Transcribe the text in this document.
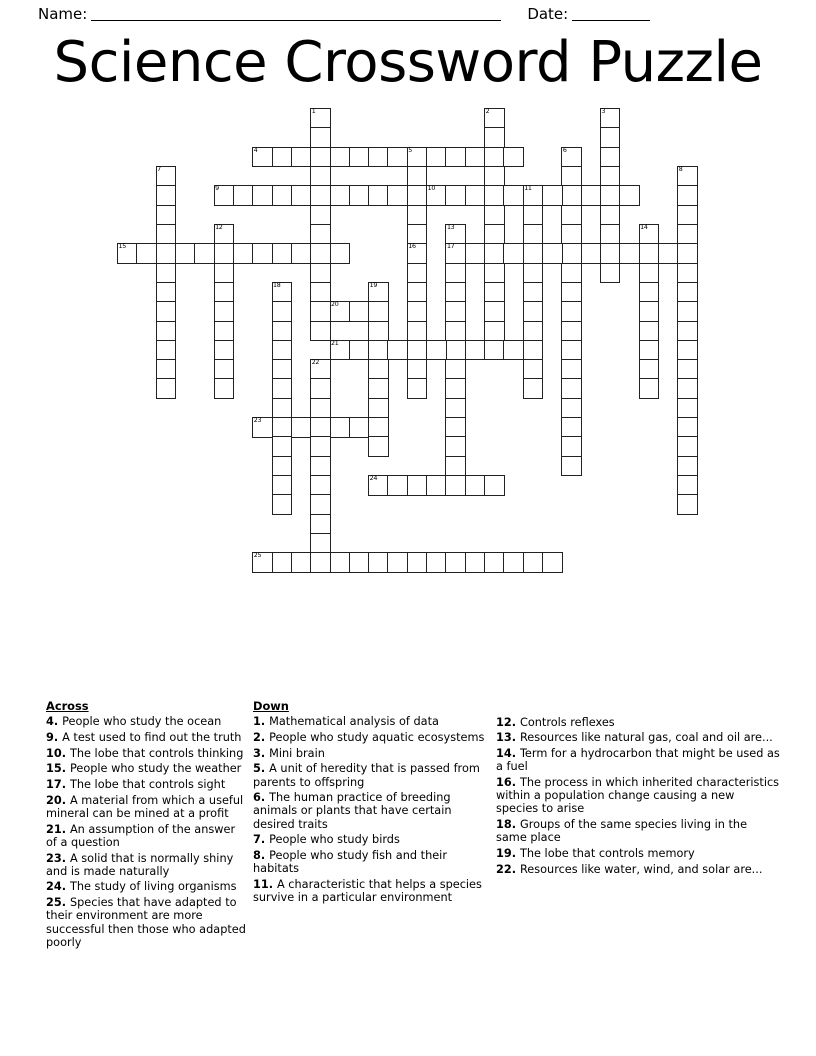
Name:	Date:
Science Crossword Puzzle
1	2	3
4	5
16
6
7	8
9	10	11
12	13
17
14
15
18	19
20
21
22
23
24
25
Across
4. People who study the ocean
9. A test used to find out the truth
10. The lobe that controls thinking
15. People who study the weather
17. The lobe that controls sight
20. A material from which a useful mineral can be mined at a profit
21. An assumption of the answer of a question
23. A solid that is normally shiny and is made naturally
24. The study of living organisms
25. Species that have adapted to their environment are more successful then those who adapted poorly
Down
1. Mathematical analysis of data
2. People who study aquatic ecosystems
3. Mini brain
5. A unit of heredity that is passed from parents to offspring
6. The human practice of breeding animals or plants that have certain desired traits
7. People who study birds
8. People who study fish and their habitats
11. A characteristic that helps a species survive in a particular environment
12. Controls reflexes
13. Resources like natural gas, coal and oil are...
14. Term for a hydrocarbon that might be used as a fuel
16. The process in which inherited characteristics within a population change causing a new species to arise
18. Groups of the same species living in the same place
19. The lobe that controls memory
22. Resources like water, wind, and solar are...
